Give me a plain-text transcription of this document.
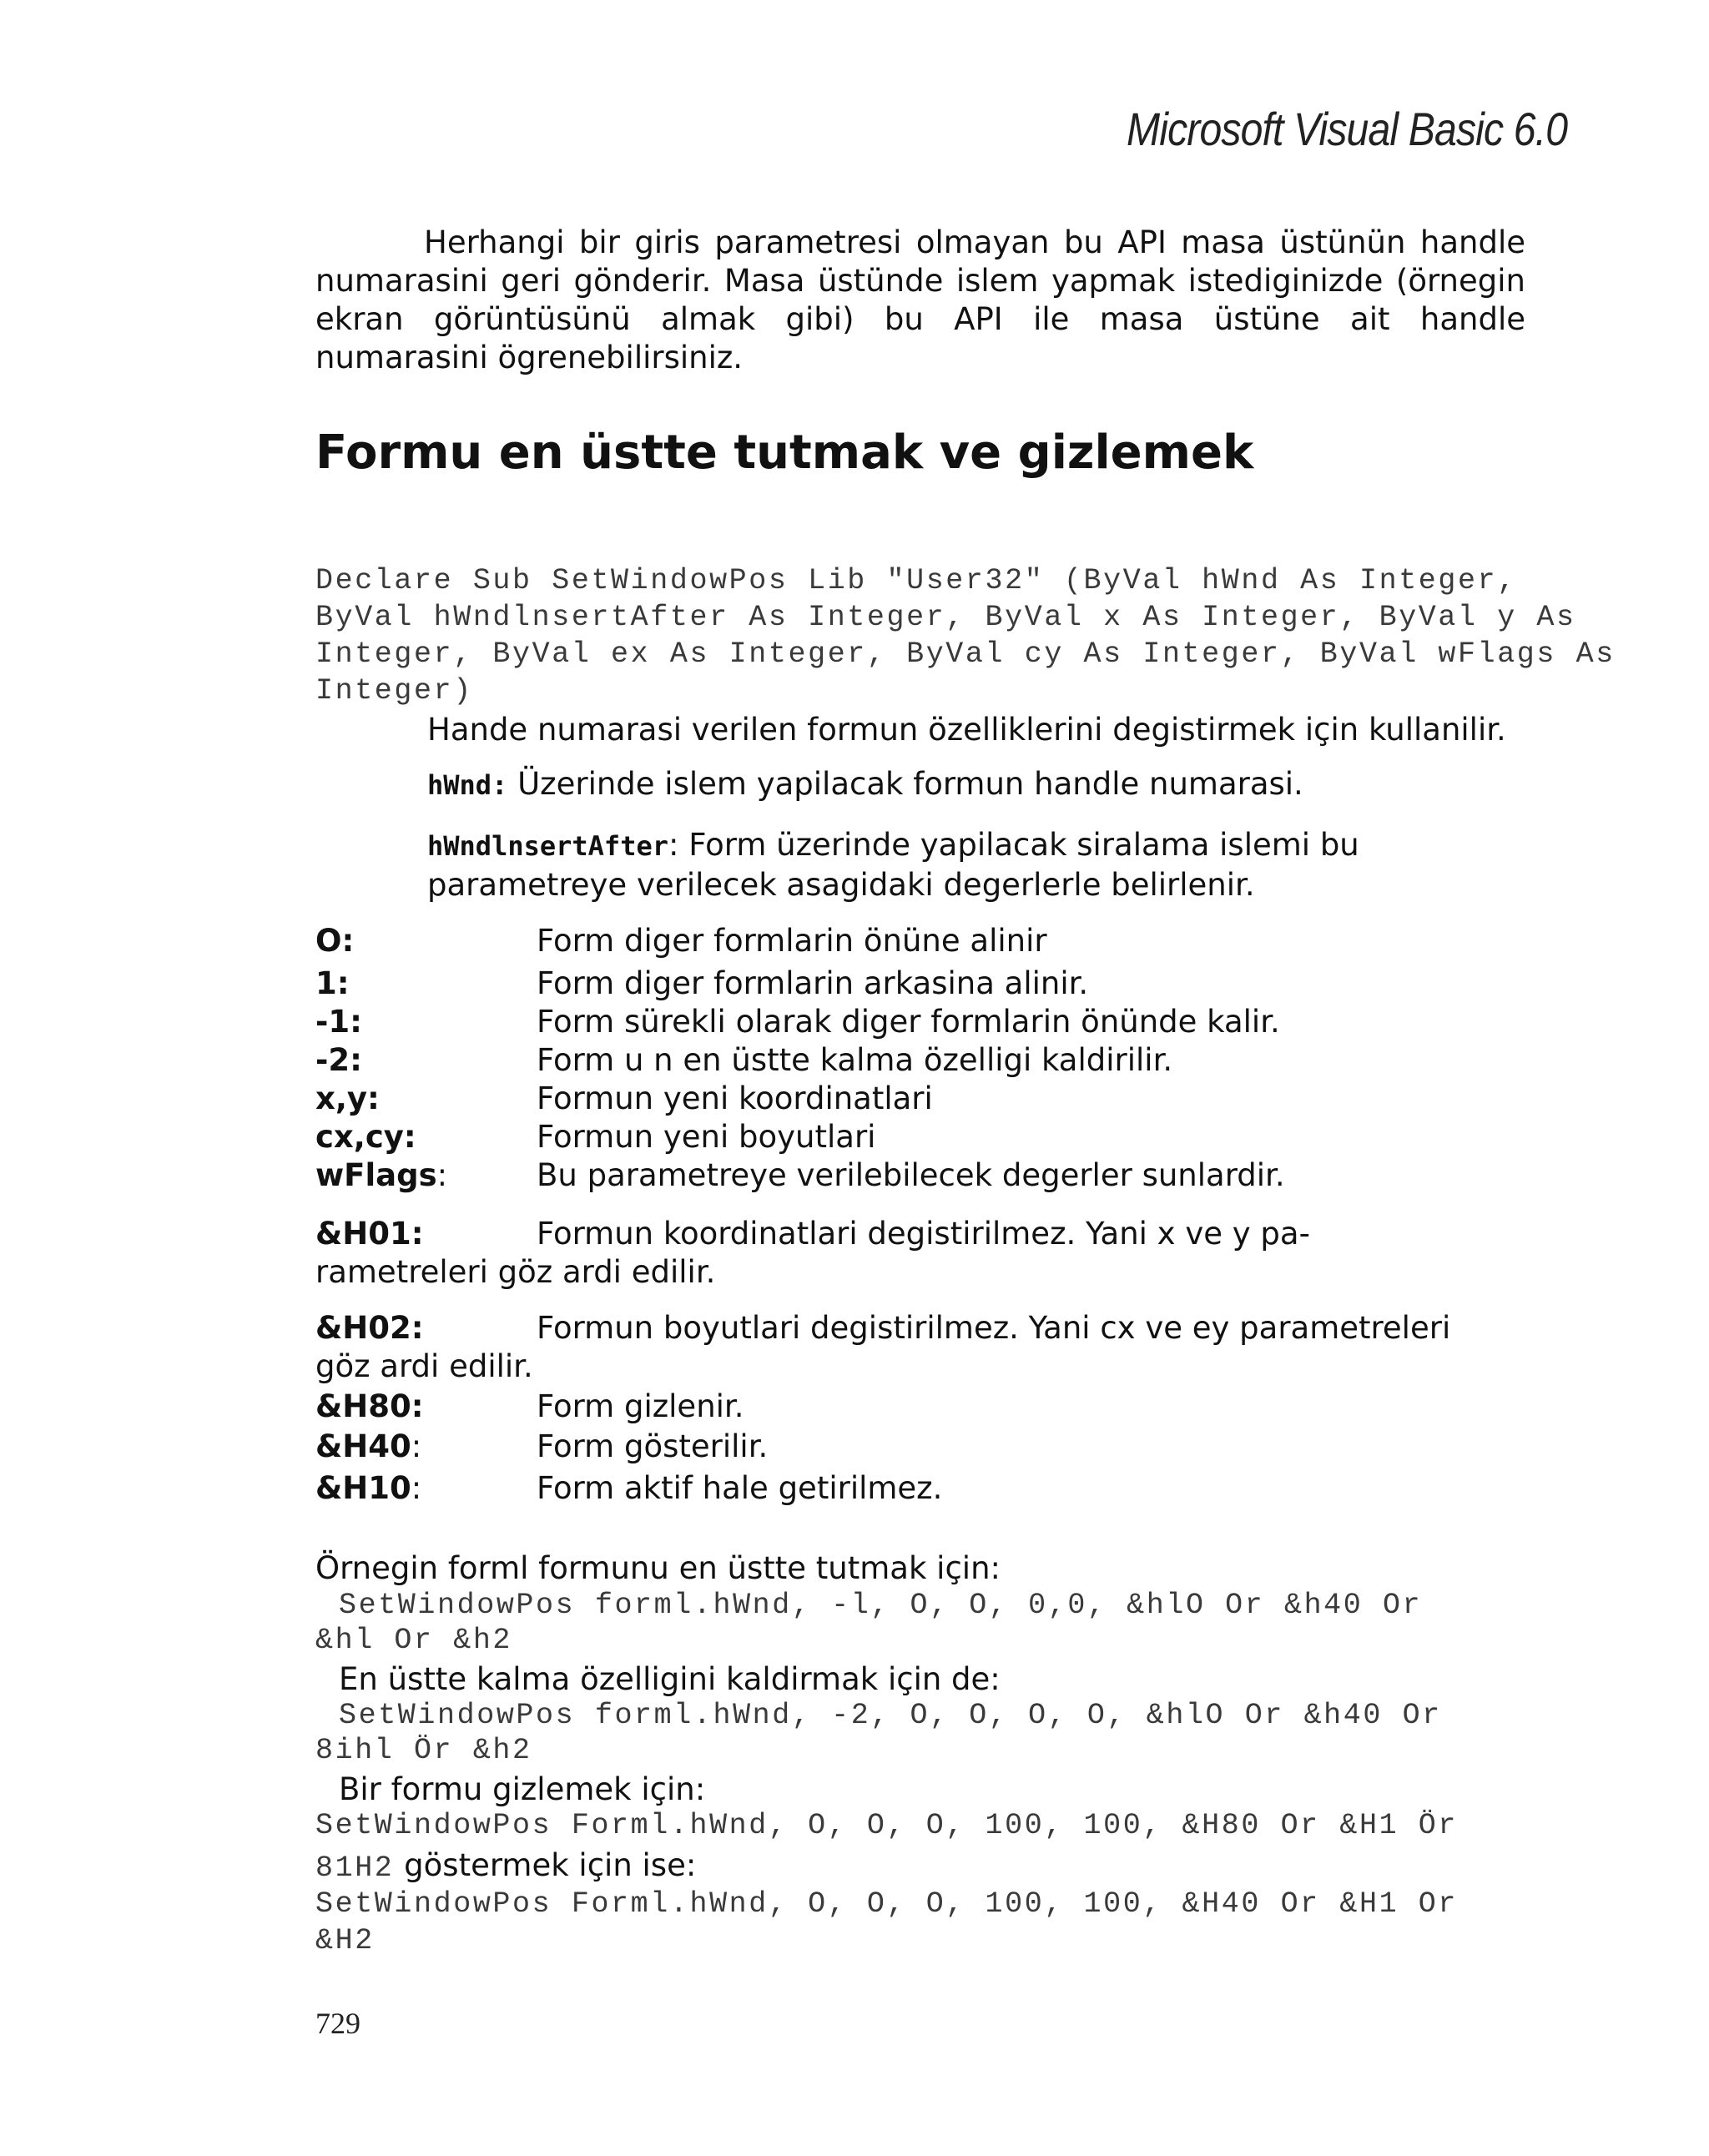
Microsoft Visual Basic 6.0
Herhangi bir giris parametresi olmayan bu API masa üstünün handle
numarasini geri gönderir. Masa üstünde islem yapmak istediginizde (örnegin
ekran görüntüsünü almak gibi) bu API ile masa üstüne ait handle
numarasini ögrenebilirsiniz.
Formu en üstte tutmak ve gizlemek
Declare Sub SetWindowPos Lib "User32" (ByVal hWnd As Integer,
ByVal hWndlnsertAfter As Integer, ByVal x As Integer, ByVal y As
Integer, ByVal ex As Integer, ByVal cy As Integer, ByVal wFlags As
Integer)
Hande numarasi verilen formun özelliklerini degistirmek için kullanilir.
hWnd: Üzerinde islem yapilacak formun handle numarasi.
hWndlnsertAfter: Form üzerinde yapilacak siralama islemi bu
parametreye verilecek asagidaki degerlerle belirlenir.
O:	Form diger formlarin önüne alinir
1:	Form diger formlarin arkasina alinir.
-1:	Form sürekli olarak diger formlarin önünde kalir.
-2:	Form u n en üstte kalma özelligi kaldirilir.
x,y:	Formun yeni koordinatlari
cx,cy:	Formun yeni boyutlari
wFlags:	Bu parametreye verilebilecek degerler sunlardir.
&H01:	Formun koordinatlari degistirilmez. Yani x ve y pa-
rametreleri göz ardi edilir.
&H02:	Formun boyutlari degistirilmez. Yani cx ve ey parametreleri
göz ardi edilir.
&H80:	Form gizlenir.
&H40:	Form gösterilir.
&H10:	Form aktif hale getirilmez.
Örnegin forml formunu en üstte tutmak için:
SetWindowPos forml.hWnd, -l, O, O, 0,0, &hlO Or &h40 Or
&hl Or &h2
En üstte kalma özelligini kaldirmak için de:
SetWindowPos forml.hWnd, -2, O, O, O, O, &hlO Or &h40 Or
8ihl Ör &h2
Bir formu gizlemek için:
SetWindowPos Forml.hWnd, O, O, O, 100, 100, &H80 Or &H1 Ör
81H2 göstermek için ise:
SetWindowPos Forml.hWnd, O, O, O, 100, 100, &H40 Or &H1 Or
&H2
729
